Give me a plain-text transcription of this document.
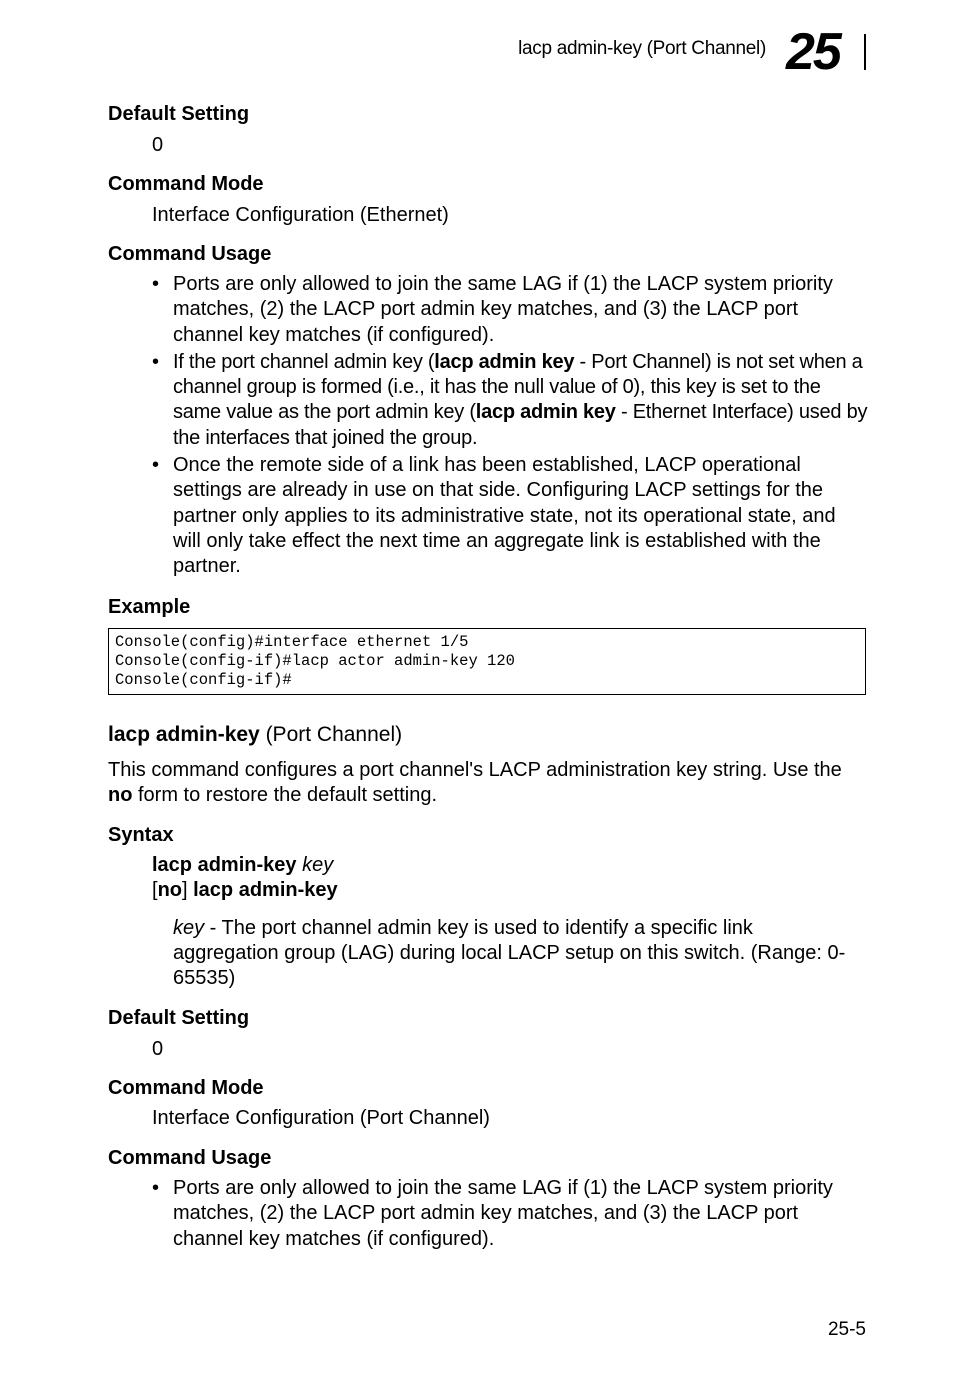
lacp admin-key (Port Channel) 25
Default Setting
0
Command Mode
Interface Configuration (Ethernet)
Command Usage
• Ports are only allowed to join the same LAG if (1) the LACP system priority matches, (2) the LACP port admin key matches, and (3) the LACP port channel key matches (if configured).
• If the port channel admin key (lacp admin key - Port Channel) is not set when a channel group is formed (i.e., it has the null value of 0), this key is set to the same value as the port admin key (lacp admin key - Ethernet Interface) used by the interfaces that joined the group.
• Once the remote side of a link has been established, LACP operational settings are already in use on that side. Configuring LACP settings for the partner only applies to its administrative state, not its operational state, and will only take effect the next time an aggregate link is established with the partner.
Example
Console(config)#interface ethernet 1/5
Console(config-if)#lacp actor admin-key 120
Console(config-if)#
lacp admin-key (Port Channel)
This command configures a port channel's LACP administration key string. Use the no form to restore the default setting.
Syntax
lacp admin-key key
[no] lacp admin-key
key - The port channel admin key is used to identify a specific link aggregation group (LAG) during local LACP setup on this switch. (Range: 0-65535)
Default Setting
0
Command Mode
Interface Configuration (Port Channel)
Command Usage
• Ports are only allowed to join the same LAG if (1) the LACP system priority matches, (2) the LACP port admin key matches, and (3) the LACP port channel key matches (if configured).
25-5
